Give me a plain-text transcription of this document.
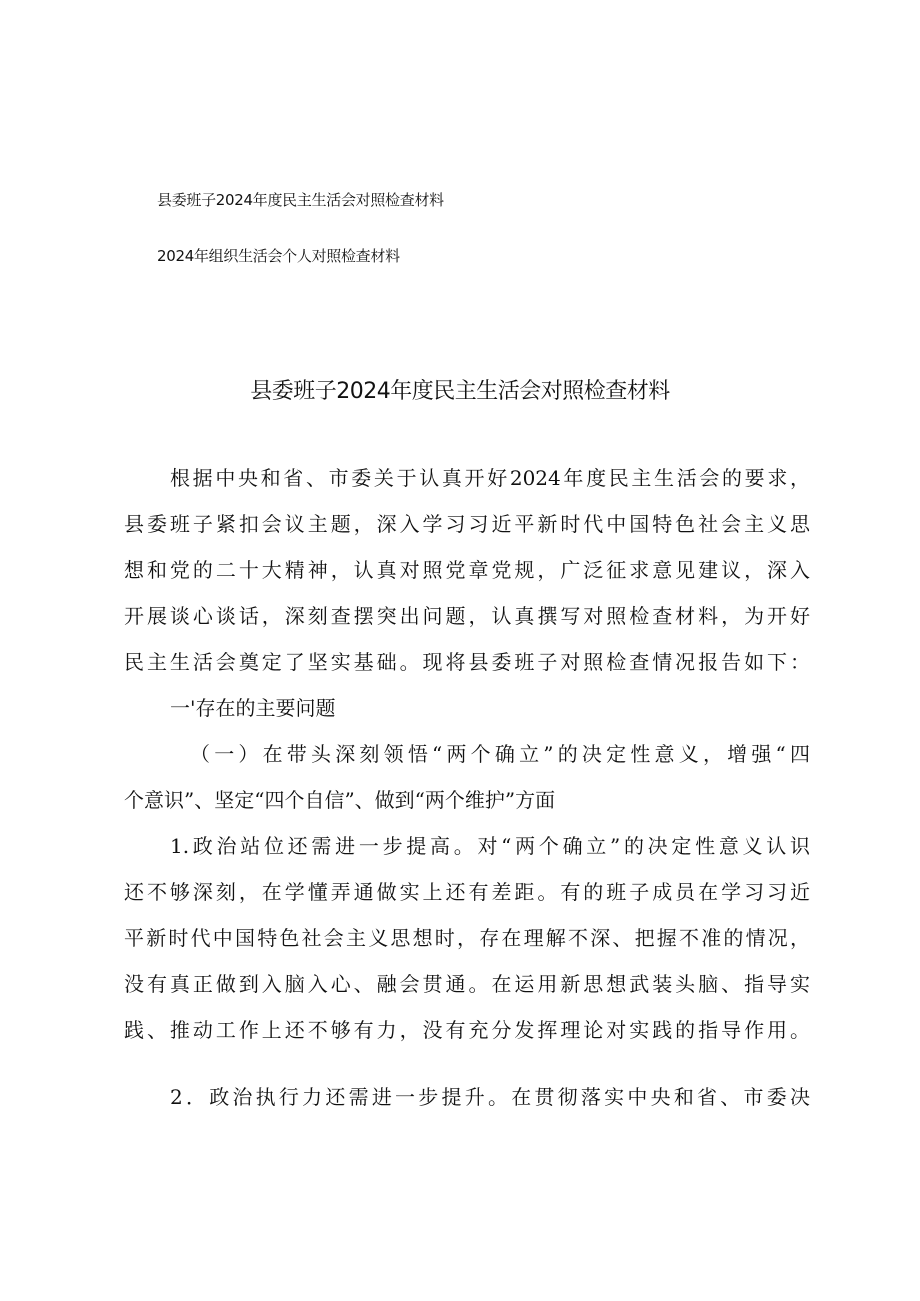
县委班子2024年度民主生活会对照检查材料
2024年组织生活会个人对照检查材料
县委班子2024年度民主生活会对照检查材料
根据中央和省、市委关于认真开好2024年度民主生活会的要求，
县委班子紧扣会议主题，深入学习习近平新时代中国特色社会主义思
想和党的二十大精神，认真对照党章党规，广泛征求意见建议，深入
开展谈心谈话，深刻查摆突出问题，认真撰写对照检查材料，为开好
民主生活会奠定了坚实基础。现将县委班子对照检查情况报告如下：
一'存在的主要问题
（一）在带头深刻领悟“两个确立”的决定性意义，增强“四
个意识”、坚定“四个自信”、做到“两个维护”方面
1.政治站位还需进一步提高。对“两个确立”的决定性意义认识
还不够深刻，在学懂弄通做实上还有差距。有的班子成员在学习习近
平新时代中国特色社会主义思想时，存在理解不深、把握不准的情况，
没有真正做到入脑入心、融会贯通。在运用新思想武装头脑、指导实
践、推动工作上还不够有力，没有充分发挥理论对实践的指导作用。
2．政治执行力还需进一步提升。在贯彻落实中央和省、市委决
